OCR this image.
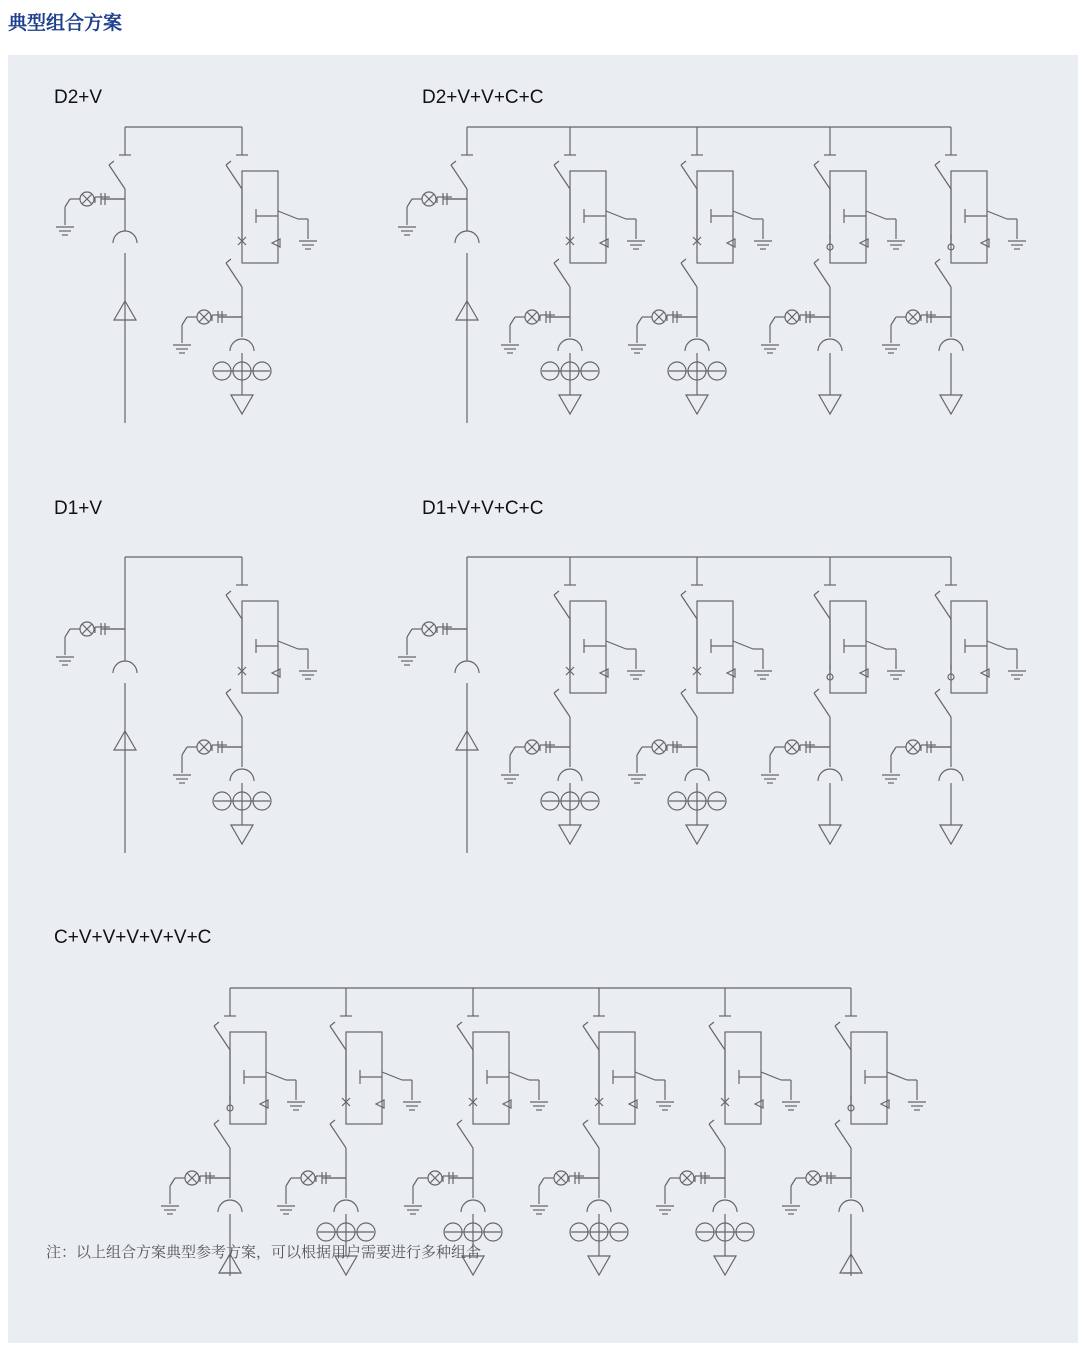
典型组合方案
D2+V	D2+V+V+C+C
D1+V	D1+V+V+C+C
C+V+V+V+V+V+C
注：以上组合方案典型参考方案，可以根据用户需要进行多种组合
